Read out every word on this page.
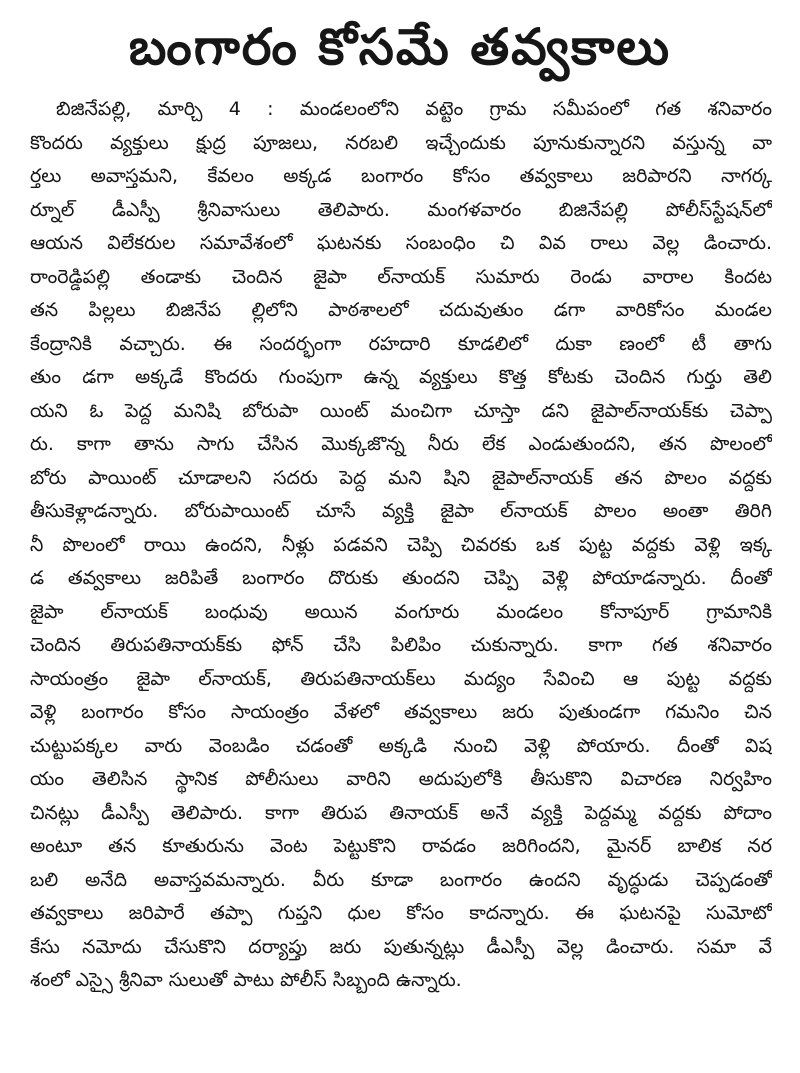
బంగారం కోసమే తవ్వకాలు
బిజినేపల్లి, మార్చి 4 : మండలంలోని వట్టెం గ్రామ సమీపంలో గత శనివారం
కొందరు వ్యక్తులు క్షుద్ర పూజలు, నరబలి ఇచ్చేందుకు పూనుకున్నారని వస్తున్న వా
ర్తలు అవాస్తమని, కేవలం అక్కడ బంగారం కోసం తవ్వకాలు జరిపారని నాగర్క
ర్నూల్ డీఎస్పీ శ్రీనివాసులు తెలిపారు. మంగళవారం బిజినేపల్లి పోలీస్‌స్టేషన్‌లో
ఆయన విలేకరుల సమావేశంలో ఘటనకు సంబంధిం చి వివ రాలు వెల్ల డించారు.
రాంరెడ్డిపల్లి తండాకు చెందిన జైపా ల్‌నాయక్ సుమారు రెండు వారాల కిందట
తన పిల్లలు బిజినేప ల్లిలోని పాఠశాలలో చదువుతుం డగా వారికోసం మండల
కేంద్రానికి వచ్చారు. ఈ సందర్భంగా రహదారి కూడలిలో దుకా ణంలో టీ తాగు
తుం డగా అక్కడే కొందరు గుంపుగా ఉన్న వ్యక్తులు కొత్త కోటకు చెందిన గుర్తు తెలి
యని ఓ పెద్ద మనిషి బోరుపా యింట్ మంచిగా చూస్తా డని జైపాల్‌నాయక్‌కు చెప్పా
రు. కాగా తాను సాగు చేసిన మొక్కజొన్న నీరు లేక ఎండుతుందని, తన పొలంలో
బోరు పాయింట్ చూడాలని సదరు పెద్ద మని షిని జైపాల్‌నాయక్ తన పొలం వద్దకు
తీసుకెళ్లాడన్నారు. బోరుపాయింట్ చూసే వ్యక్తి జైపా ల్‌నాయక్ పొలం అంతా తిరిగి
నీ పొలంలో రాయి ఉందని, నీళ్లు పడవని చెప్పి చివరకు ఒక పుట్ట వద్దకు వెళ్లి ఇక్క
డ తవ్వకాలు జరిపితే బంగారం దొరుకు తుందని చెప్పి వెళ్లి పోయాడన్నారు. దీంతో
జైపా ల్‌నాయక్ బంధువు అయిన వంగూరు మండలం కోనాపూర్ గ్రామానికి
చెందిన తిరుపతినాయక్‌కు ఫోన్ చేసి పిలిపిం చుకున్నారు. కాగా గత శనివారం
సాయంత్రం జైపా ల్‌నాయక్, తిరుపతినాయక్‌లు మద్యం సేవించి ఆ పుట్ట వద్దకు
వెళ్లి బంగారం కోసం సాయంత్రం వేళలో తవ్వకాలు జరు పుతుండగా గమనిం చిన
చుట్టుపక్కల వారు వెంబడిం చడంతో అక్కడి నుంచి వెళ్లి పోయారు. దీంతో విష
యం తెలిసిన స్థానిక పోలీసులు వారిని అదుపులోకి తీసుకొని విచారణ నిర్వహిం
చినట్లు డీఎస్పీ తెలిపారు. కాగా తిరుప తినాయక్ అనే వ్యక్తి పెద్దమ్మ వద్దకు పోదాం
అంటూ తన కూతురును వెంట పెట్టుకొని రావడం జరిగిందని, మైనర్ బాలిక నర
బలి అనేది అవాస్తవమన్నారు. వీరు కూడా బంగారం ఉందని వృద్ధుడు చెప్పడంతో
తవ్వకాలు జరిపారే తప్పా గుప్తని ధుల కోసం కాదన్నారు. ఈ ఘటనపై సుమోటో
కేసు నమోదు చేసుకొని దర్యాప్తు జరు పుతున్నట్లు డీఎస్పీ వెల్ల డించారు. సమా వే
శంలో ఎస్సై శ్రీనివా సులుతో పాటు పోలీస్ సిబ్బంది ఉన్నారు.
